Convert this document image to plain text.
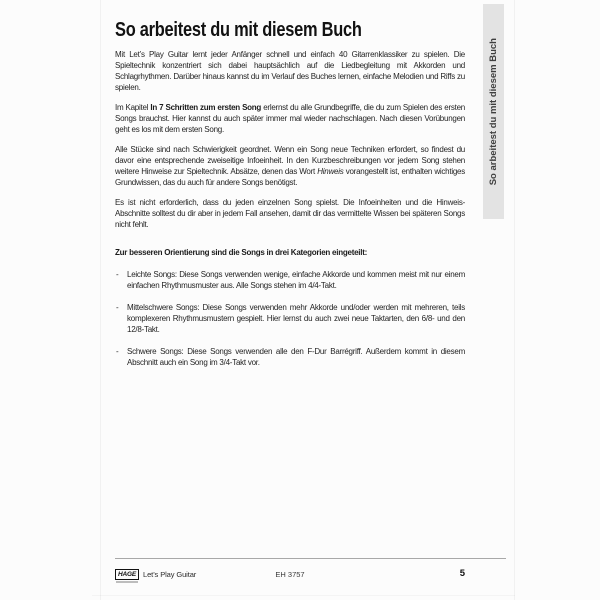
So arbeitest du mit diesem Buch

Mit Let’s Play Guitar lernt jeder Anfänger schnell und einfach 40 Gitarrenklassiker zu spielen. Die Spieltechnik konzentriert sich dabei hauptsächlich auf die Liedbegleitung mit Akkorden und Schlagrhythmen. Darüber hinaus kannst du im Verlauf des Buches lernen, einfache Melodien und Riffs zu spielen.

Im Kapitel In 7 Schritten zum ersten Song erlernst du alle Grundbegriffe, die du zum Spielen des ersten Songs brauchst. Hier kannst du auch später immer mal wieder nachschlagen. Nach diesen Vorübungen geht es los mit dem ersten Song.

Alle Stücke sind nach Schwierigkeit geordnet. Wenn ein Song neue Techniken erfordert, so findest du davor eine entsprechende zweiseitige Infoeinheit. In den Kurzbeschreibungen vor jedem Song stehen weitere Hinweise zur Spieltechnik. Absätze, denen das Wort Hinweis vorangestellt ist, enthalten wichtiges Grundwissen, das du auch für andere Songs benötigst.

Es ist nicht erforderlich, dass du jeden einzelnen Song spielst. Die Infoeinheiten und die Hinweis-Abschnitte solltest du dir aber in jedem Fall ansehen, damit dir das vermittelte Wissen bei späteren Songs nicht fehlt.

Zur besseren Orientierung sind die Songs in drei Kategorien eingeteilt:

- Leichte Songs: Diese Songs verwenden wenige, einfache Akkorde und kommen meist mit nur einem einfachen Rhythmusmuster aus. Alle Songs stehen im 4/4-Takt.
- Mittelschwere Songs: Diese Songs verwenden mehr Akkorde und/oder werden mit mehreren, teils komplexeren Rhythmusmustern gespielt. Hier lernst du auch zwei neue Taktarten, den 6/8- und den 12/8-Takt.
- Schwere Songs: Diese Songs verwenden alle den F-Dur Barrégriff. Außerdem kommt in diesem Abschnitt auch ein Song im 3/4-Takt vor.
So arbeitest du mit diesem Buch
HAGE Let’s Play Guitar	EH 3757	5
